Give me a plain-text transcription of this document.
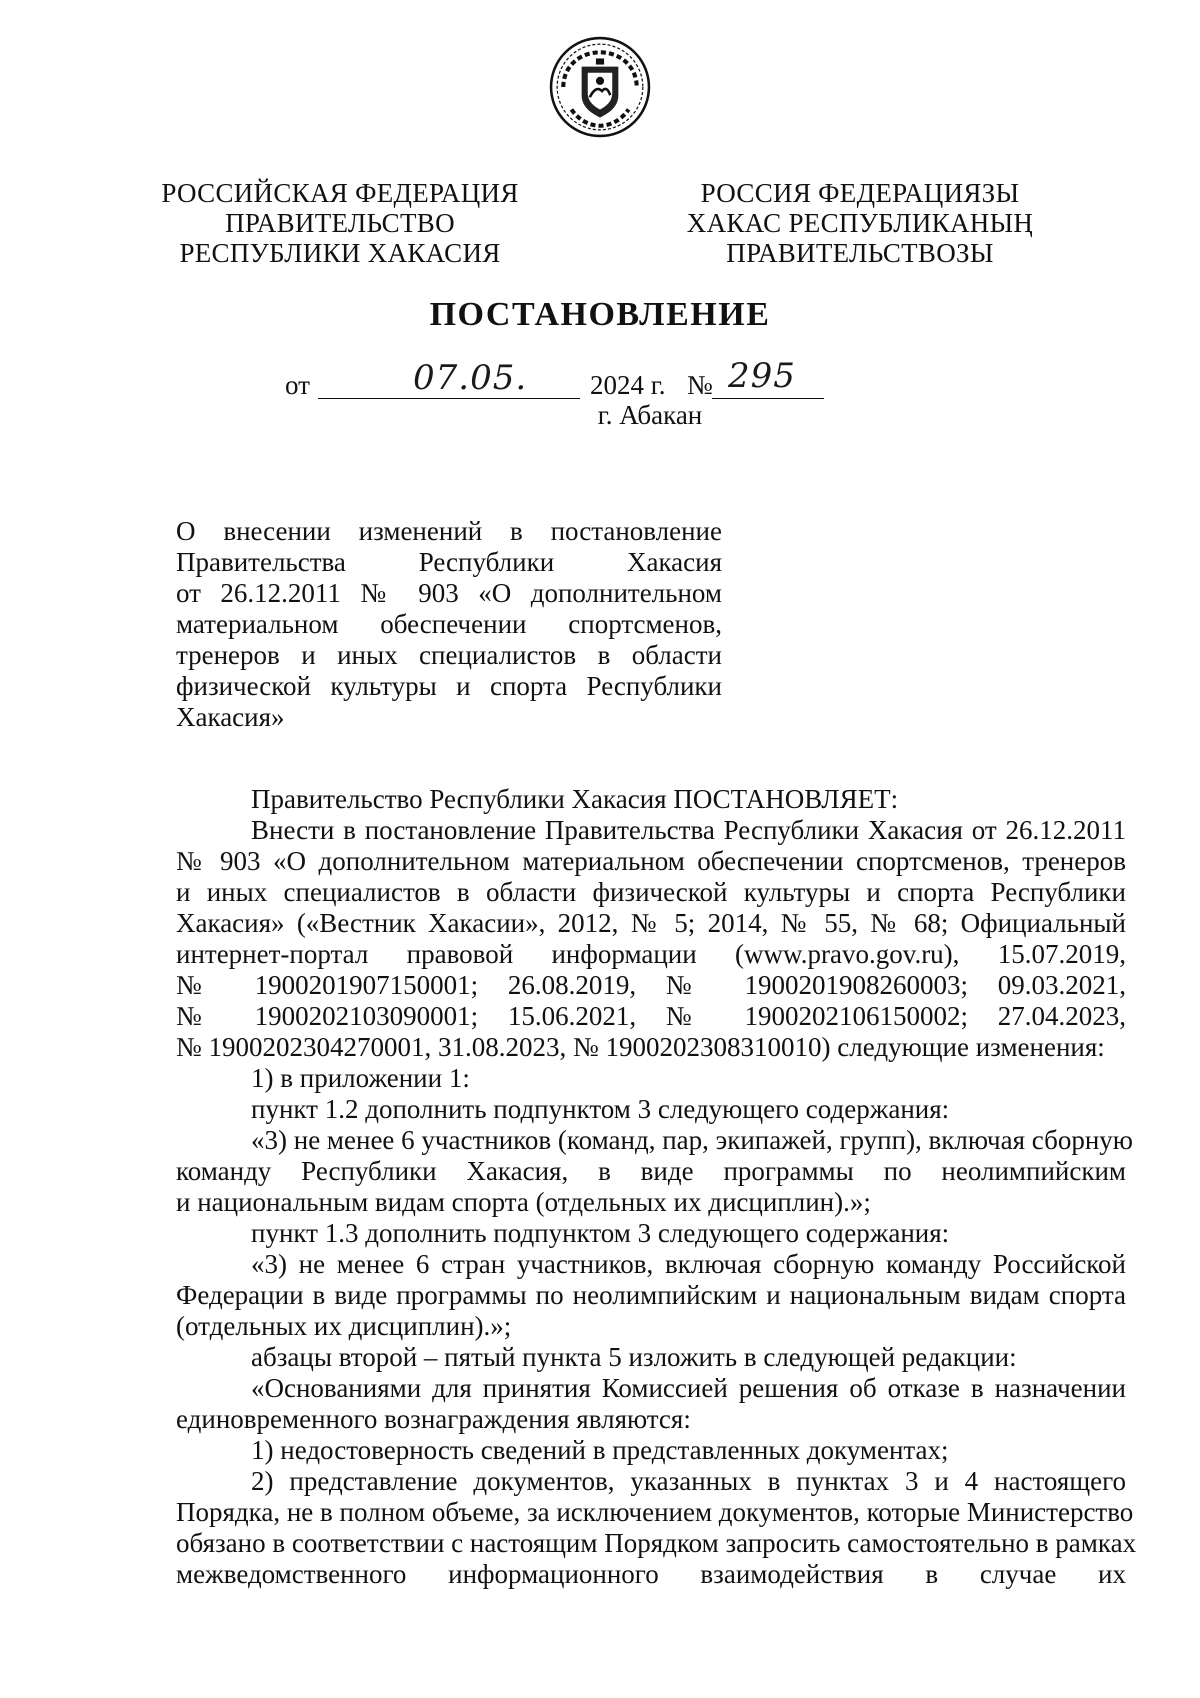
РОССИЙСКАЯ ФЕДЕРАЦИЯ
ПРАВИТЕЛЬСТВО
РЕСПУБЛИКИ ХАКАСИЯ
РОССИЯ ФЕДЕРАЦИЯЗЫ
ХАКАС РЕСПУБЛИКАНЫҢ
ПРАВИТЕЛЬСТВОЗЫ
ПОСТАНОВЛЕНИЕ
от	07.05. 2024 г. № 295
г. Абакан
О внесении изменений в постановление
Правительства Республики Хакасия
от 26.12.2011 № 903 «О дополнительном
материальном обеспечении спортсменов,
тренеров и иных специалистов в области
физической культуры и спорта Республики
Хакасия»
Правительство Республики Хакасия ПОСТАНОВЛЯЕТ:
Внести в постановление Правительства Республики Хакасия от 26.12.2011
№ 903 «О дополнительном материальном обеспечении спортсменов, тренеров
и иных специалистов в области физической культуры и спорта Республики
Хакасия» («Вестник Хакасии», 2012, № 5; 2014, № 55, № 68; Официальный
интернет-портал правовой информации (www.pravo.gov.ru), 15.07.2019,
№ 1900201907150001; 26.08.2019, № 1900201908260003; 09.03.2021,
№ 1900202103090001; 15.06.2021, № 1900202106150002; 27.04.2023,
№ 1900202304270001, 31.08.2023, № 1900202308310010) следующие изменения:
1) в приложении 1:
пункт 1.2 дополнить подпунктом 3 следующего содержания:
«3) не менее 6 участников (команд, пар, экипажей, групп), включая сборную
команду Республики Хакасия, в виде программы по неолимпийским
и национальным видам спорта (отдельных их дисциплин).»;
пункт 1.3 дополнить подпунктом 3 следующего содержания:
«3) не менее 6 стран участников, включая сборную команду Российской
Федерации в виде программы по неолимпийским и национальным видам спорта
(отдельных их дисциплин).»;
абзацы второй – пятый пункта 5 изложить в следующей редакции:
«Основаниями для принятия Комиссией решения об отказе в назначении
единовременного вознаграждения являются:
1) недостоверность сведений в представленных документах;
2) представление документов, указанных в пунктах 3 и 4 настоящего
Порядка, не в полном объеме, за исключением документов, которые Министерство
обязано в соответствии с настоящим Порядком запросить самостоятельно в рамках
межведомственного информационного взаимодействия в случае их
